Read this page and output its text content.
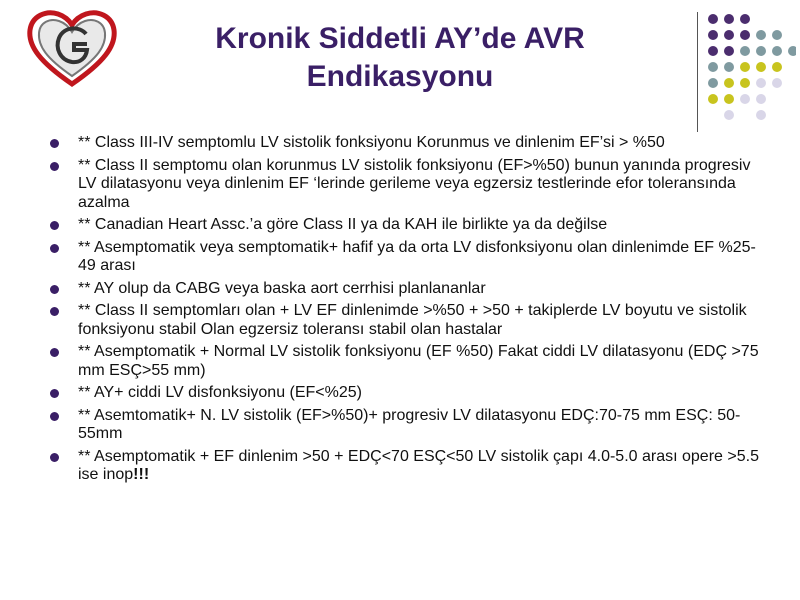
Kronik Siddetli AY’de AVR
Endikasyonu
** Class III-IV semptomlu LV sistolik fonksiyonu Korunmus ve dinlenim EF’si > %50
** Class II semptomu olan korunmus LV sistolik fonksiyonu (EF>%50) bunun yanında progresiv LV dilatasyonu veya dinlenim EF ‘lerinde gerileme veya egzersiz testlerinde efor toleransında azalma
** Canadian Heart Assc.’a göre Class II ya da KAH ile birlikte ya da değilse
** Asemptomatik veya semptomatik+ hafif ya da orta LV disfonksiyonu olan dinlenimde EF %25-49 arası
** AY olup da CABG veya baska aort cerrhisi planlananlar
** Class II semptomları olan + LV EF dinlenimde >%50 + >50 + takiplerde LV boyutu ve sistolik fonksiyonu stabil Olan egzersiz toleransı stabil olan hastalar
** Asemptomatik + Normal LV sistolik fonksiyonu (EF %50) Fakat ciddi LV dilatasyonu (EDÇ >75 mm ESÇ>55 mm)
** AY+ ciddi LV disfonksiyonu (EF<%25)
** Asemtomatik+ N. LV sistolik (EF>%50)+ progresiv LV dilatasyonu EDÇ:70-75 mm ESÇ: 50-55mm
** Asemptomatik + EF dinlenim >50 + EDÇ<70 ESÇ<50 LV sistolik çapı 4.0-5.0 arası opere >5.5 ise inop!!!
